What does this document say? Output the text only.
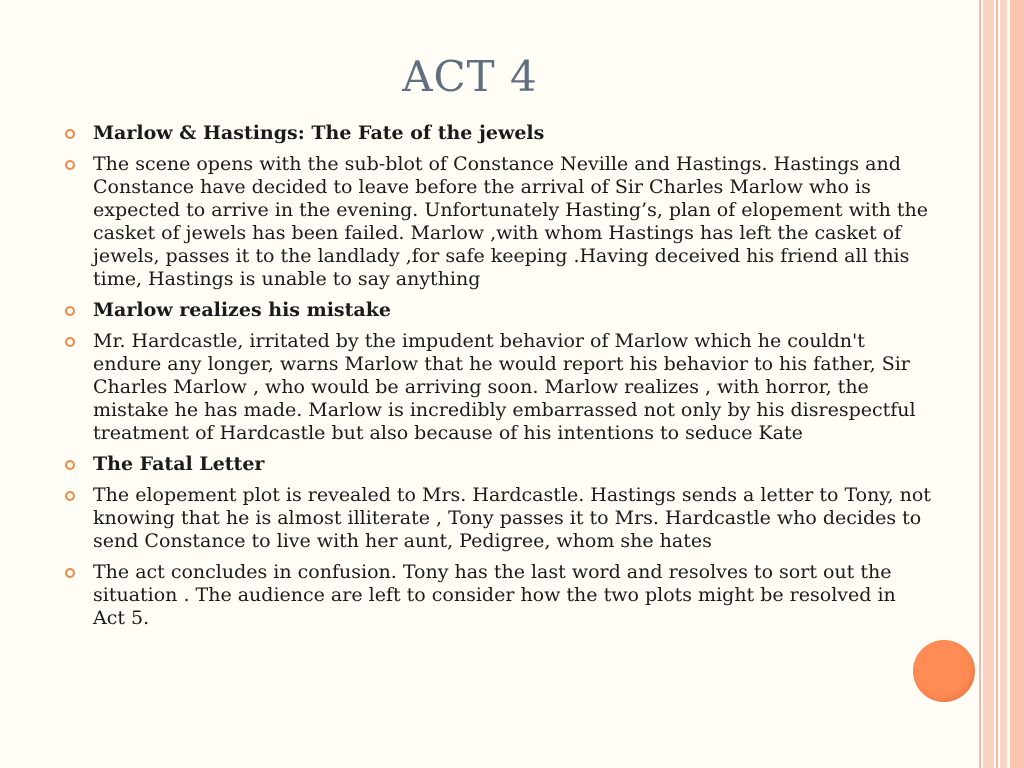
ACT 4
Marlow & Hastings: The Fate of the jewels
The scene opens with the sub-blot of Constance Neville and Hastings. Hastings and Constance have decided to leave before the arrival of Sir Charles Marlow who is expected to arrive in the evening. Unfortunately Hasting’s, plan of elopement with the casket of jewels has been failed. Marlow ,with whom Hastings has left the casket of jewels, passes it to the landlady ,for safe keeping .Having deceived his friend all this time, Hastings is unable to say anything
Marlow realizes his mistake
Mr. Hardcastle, irritated by the impudent behavior of Marlow which he couldn't endure any longer, warns Marlow that he would report his behavior to his father, Sir Charles Marlow , who would be arriving soon. Marlow realizes , with horror, the mistake he has made. Marlow is incredibly embarrassed not only by his disrespectful treatment of Hardcastle but also because of his intentions to seduce Kate
The Fatal Letter
The elopement plot is revealed to Mrs. Hardcastle. Hastings sends a letter to Tony, not knowing that he is almost illiterate , Tony passes it to Mrs. Hardcastle who decides to send Constance to live with her aunt, Pedigree, whom she hates
The act concludes in confusion. Tony has the last word and resolves to sort out the situation . The audience are left to consider how the two plots might be resolved in Act 5.
